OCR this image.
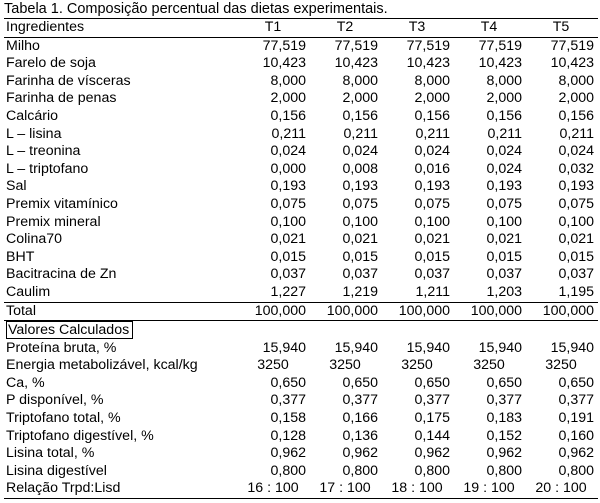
Tabela 1. Composição percentual das dietas experimentais.
Ingredientes	T1	T2	T3	T4	T5
Milho	77,519	77,519	77,519	77,519	77,519
Farelo de soja	10,423	10,423	10,423	10,423	10,423
Farinha de vísceras	8,000	8,000	8,000	8,000	8,000
Farinha de penas	2,000	2,000	2,000	2,000	2,000
Calcário	0,156	0,156	0,156	0,156	0,156
L – lisina	0,211	0,211	0,211	0,211	0,211
L – treonina	0,024	0,024	0,024	0,024	0,024
L – triptofano	0,000	0,008	0,016	0,024	0,032
Sal	0,193	0,193	0,193	0,193	0,193
Premix vitamínico	0,075	0,075	0,075	0,075	0,075
Premix mineral	0,100	0,100	0,100	0,100	0,100
Colina70	0,021	0,021	0,021	0,021	0,021
BHT	0,015	0,015	0,015	0,015	0,015
Bacitracina de Zn	0,037	0,037	0,037	0,037	0,037
Caulim	1,227	1,219	1,211	1,203	1,195
Total	100,000	100,000	100,000	100,000	100,000
Valores Calculados					
Proteína bruta, %	15,940	15,940	15,940	15,940	15,940
Energia metabolizável, kcal/kg	3250	3250	3250	3250	3250
Ca, %	0,650	0,650	0,650	0,650	0,650
P disponível, %	0,377	0,377	0,377	0,377	0,377
Triptofano total, %	0,158	0,166	0,175	0,183	0,191
Triptofano digestível, %	0,128	0,136	0,144	0,152	0,160
Lisina total, %	0,962	0,962	0,962	0,962	0,962
Lisina digestível	0,800	0,800	0,800	0,800	0,800
Relação Trpd:Lisd	16 : 100	17 : 100	18 : 100	19 : 100	20 : 100
